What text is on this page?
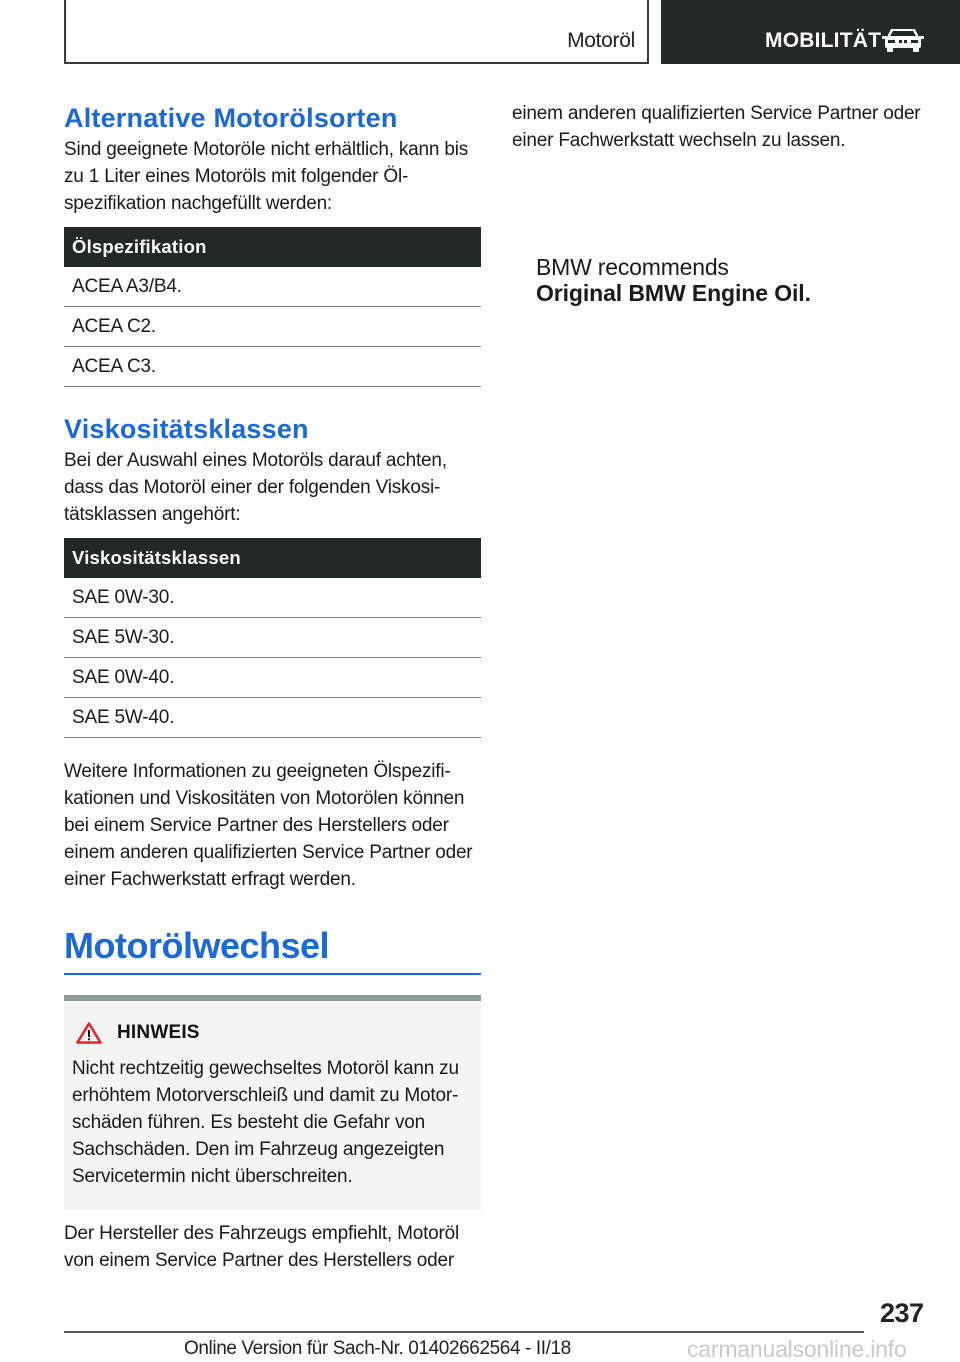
Motoröl	MOBILITÄT
Alternative Motorölsorten

Sind geeignete Motoröle nicht erhältlich, kann bis zu 1 Liter eines Motoröls mit folgender Ölspezifikation nachgefüllt werden:

Ölspezifikation
ACEA A3/B4.
ACEA C2.
ACEA C3.
Viskositätsklassen

Bei der Auswahl eines Motoröls darauf achten, dass das Motoröl einer der folgenden Viskositätsklassen angehört:

Viskositätsklassen
SAE 0W-30.
SAE 5W-30.
SAE 0W-40.
SAE 5W-40.

Weitere Informationen zu geeigneten Ölspezifikationen und Viskositäten von Motorölen können bei einem Service Partner des Herstellers oder einem anderen qualifizierten Service Partner oder einer Fachwerkstatt erfragt werden.

Motorölwechsel
HINWEIS

Nicht rechtzeitig gewechseltes Motoröl kann zu erhöhtem Motorverschleiß und damit zu Motorschäden führen. Es besteht die Gefahr von Sachschäden. Den im Fahrzeug angezeigten Servicetermin nicht überschreiten.

Der Hersteller des Fahrzeugs empfiehlt, Motoröl von einem Service Partner des Herstellers oder

einem anderen qualifizierten Service Partner oder einer Fachwerkstatt wechseln zu lassen.

BMW recommends
Original BMW Engine Oil.
237
Online Version für Sach-Nr. 01402662564 - II/18	carmanualsonline.info
